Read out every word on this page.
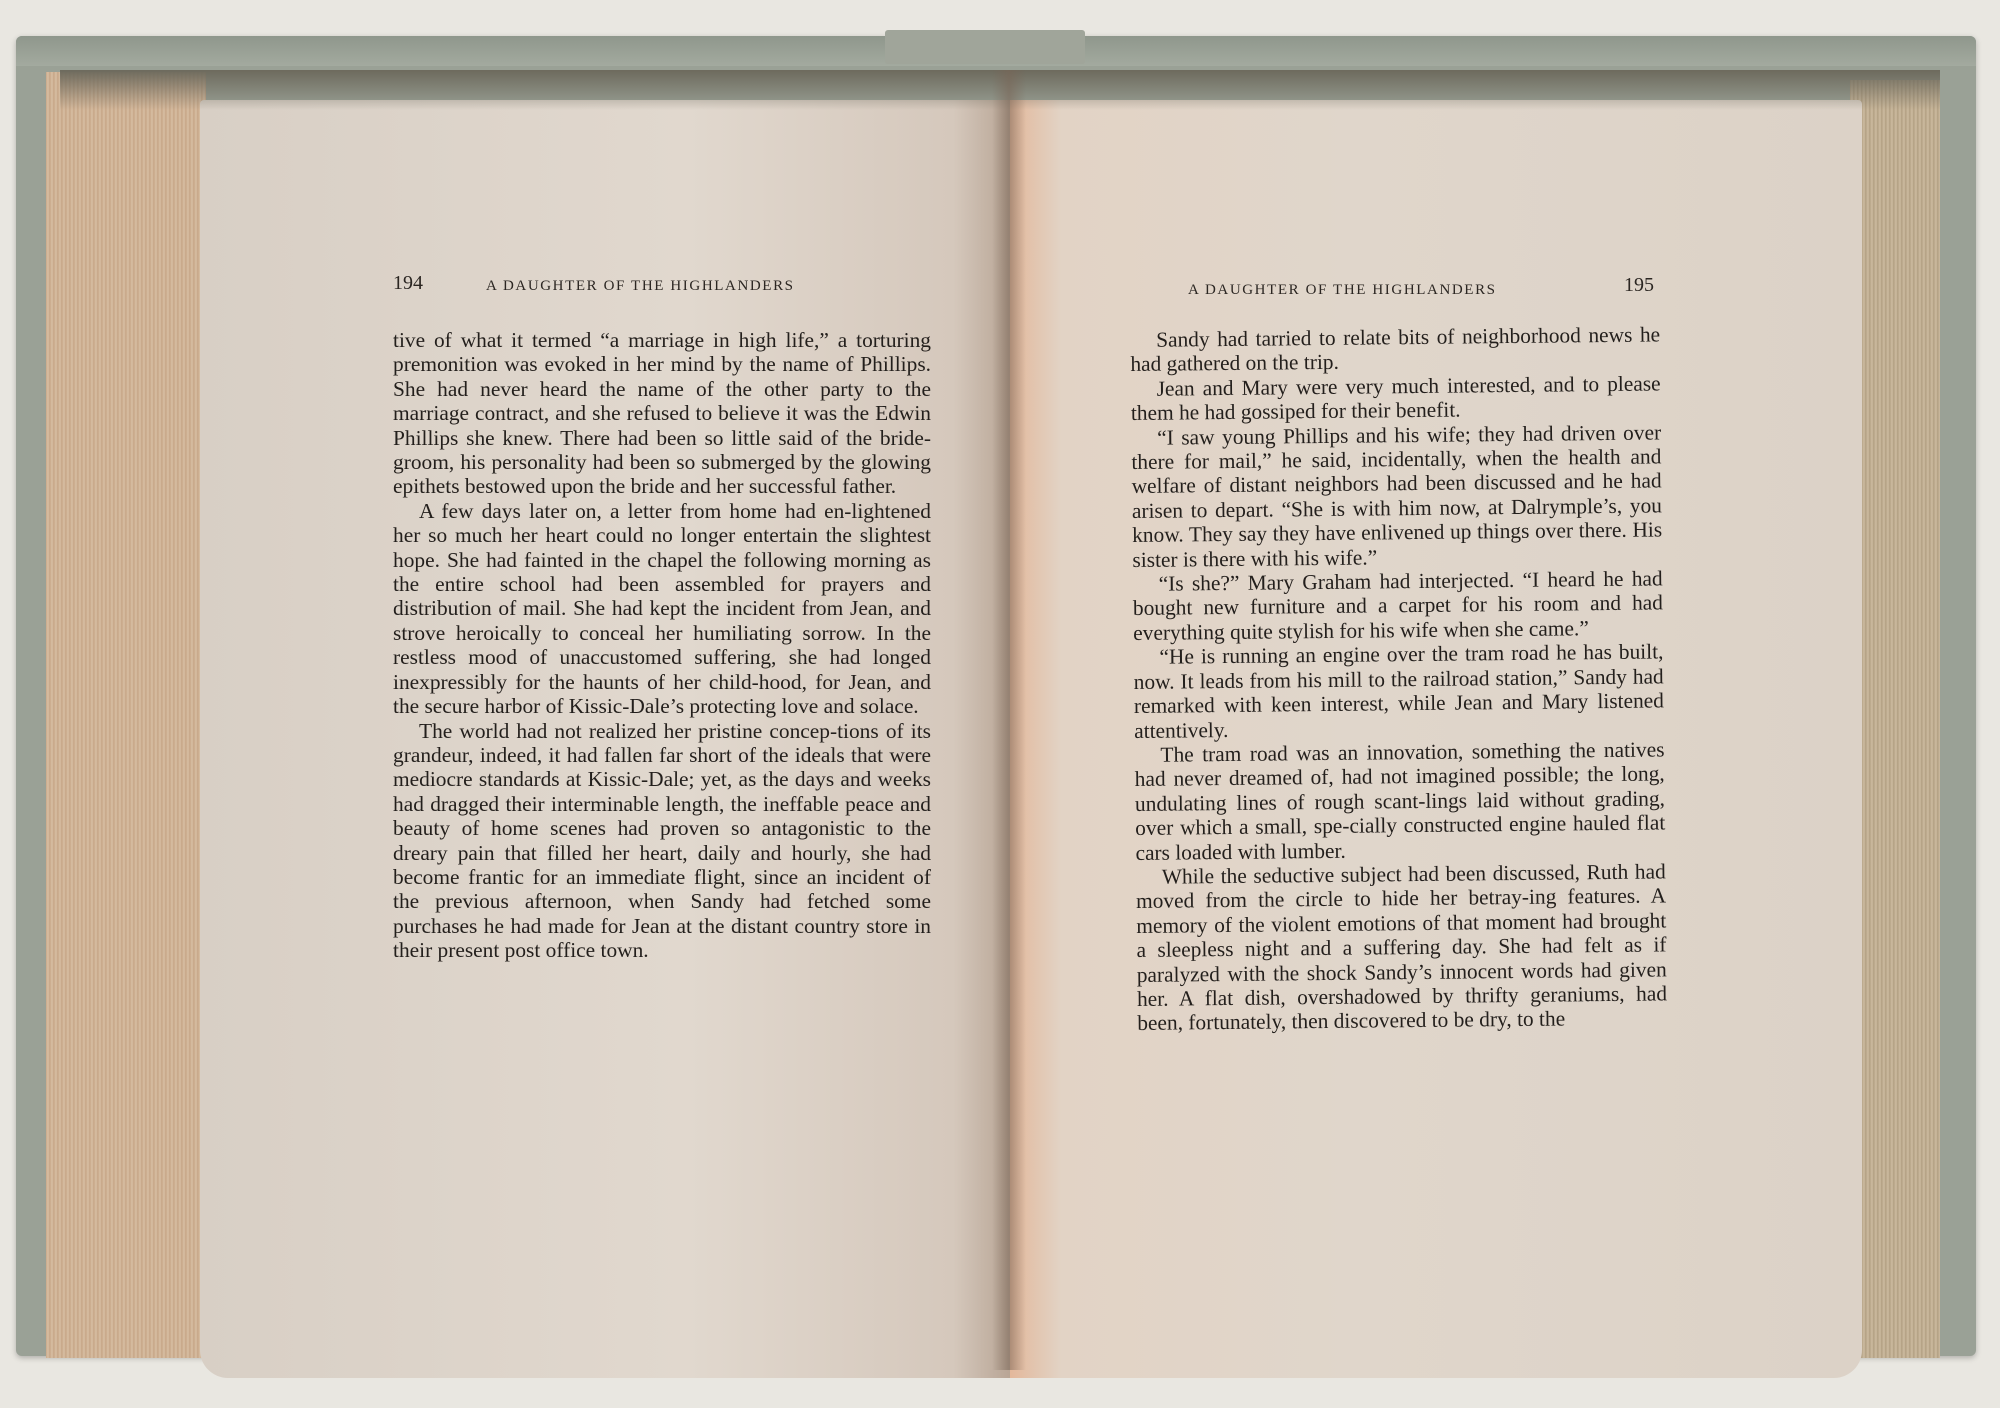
194	A DAUGHTER OF THE HIGHLANDERS	A DAUGHTER OF THE HIGHLANDERS	195

tive of what it termed “a marriage in high life,” a torturing premonition was evoked in her mind by the name of Phillips. She had never heard the name of the other party to the marriage contract, and she refused to believe it was the Edwin Phillips she knew. There had been so little said of the bride-groom, his personality had been so submerged by the glowing epithets bestowed upon the bride and her successful father.

A few days later on, a letter from home had en-lightened her so much her heart could no longer entertain the slightest hope. She had fainted in the chapel the following morning as the entire school had been assembled for prayers and distribution of mail. She had kept the incident from Jean, and strove heroically to conceal her humiliating sorrow. In the restless mood of unaccustomed suffering, she had longed inexpressibly for the haunts of her child-hood, for Jean, and the secure harbor of Kissic-Dale’s protecting love and solace.

The world had not realized her pristine concep-tions of its grandeur, indeed, it had fallen far short of the ideals that were mediocre standards at Kissic-Dale; yet, as the days and weeks had dragged their interminable length, the ineffable peace and beauty of home scenes had proven so antagonistic to the dreary pain that filled her heart, daily and hourly, she had become frantic for an immediate flight, since an incident of the previous afternoon, when Sandy had fetched some purchases he had made for Jean at the distant country store in their present post office town.

Sandy had tarried to relate bits of neighborhood news he had gathered on the trip.

Jean and Mary were very much interested, and to please them he had gossiped for their benefit.

“I saw young Phillips and his wife; they had driven over there for mail,” he said, incidentally, when the health and welfare of distant neighbors had been discussed and he had arisen to depart. “She is with him now, at Dalrymple’s, you know. They say they have enlivened up things over there. His sister is there with his wife.”

“Is she?” Mary Graham had interjected. “I heard he had bought new furniture and a carpet for his room and had everything quite stylish for his wife when she came.”

“He is running an engine over the tram road he has built, now. It leads from his mill to the railroad station,” Sandy had remarked with keen interest, while Jean and Mary listened attentively.

The tram road was an innovation, something the natives had never dreamed of, had not imagined possible; the long, undulating lines of rough scant-lings laid without grading, over which a small, spe-cially constructed engine hauled flat cars loaded with lumber.

While the seductive subject had been discussed, Ruth had moved from the circle to hide her betray-ing features. A memory of the violent emotions of that moment had brought a sleepless night and a suffering day. She had felt as if paralyzed with the shock Sandy’s innocent words had given her. A flat dish, overshadowed by thrifty geraniums, had been, fortunately, then discovered to be dry, to the
